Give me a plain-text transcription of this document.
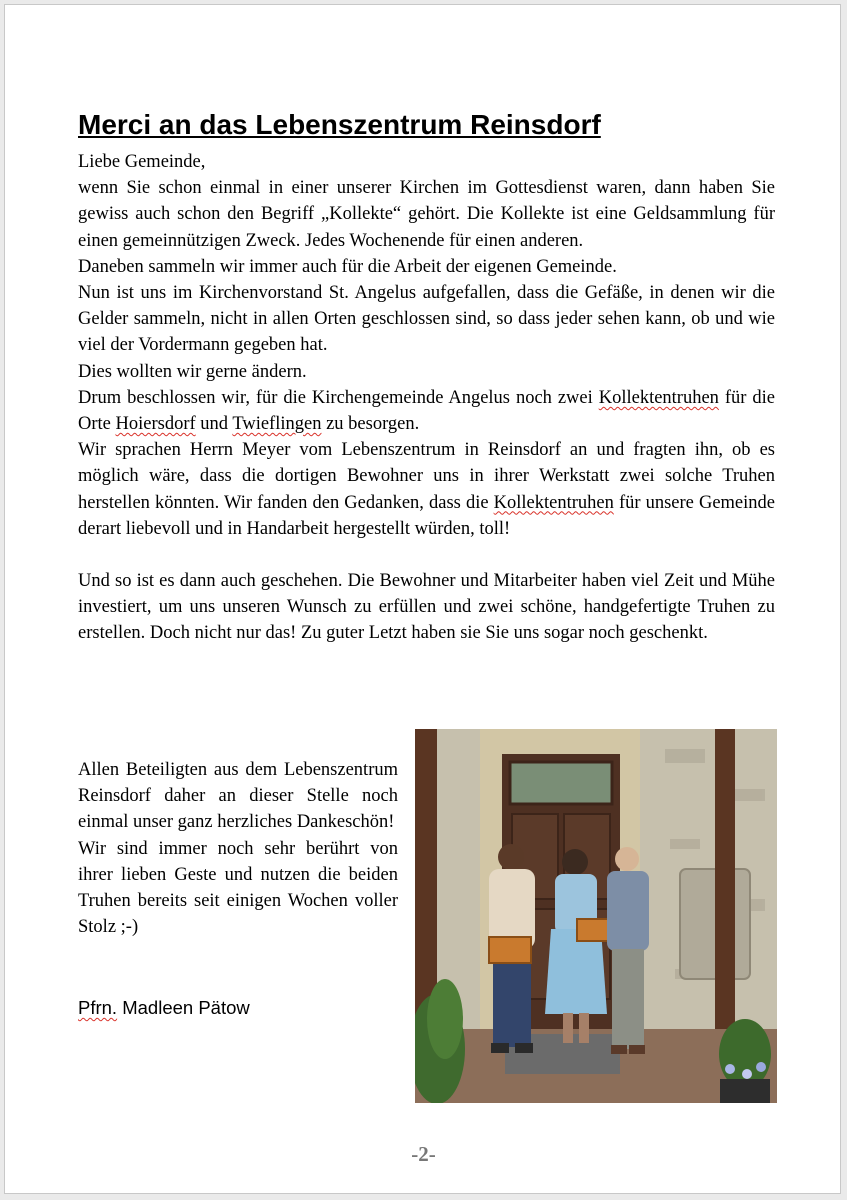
Merci an das Lebenszentrum Reinsdorf

Liebe Gemeinde,

wenn Sie schon einmal in einer unserer Kirchen im Gottesdienst waren, dann haben Sie gewiss auch schon den Begriff „Kollekte“ gehört. Die Kollekte ist eine Geldsammlung für einen gemeinnützigen Zweck. Jedes Wochenende für einen anderen.

Daneben sammeln wir immer auch für die Arbeit der eigenen Gemeinde.

Nun ist uns im Kirchenvorstand St. Angelus aufgefallen, dass die Gefäße, in denen wir die Gelder sammeln, nicht in allen Orten geschlossen sind, so dass jeder sehen kann, ob und wie viel der Vordermann gegeben hat.

Dies wollten wir gerne ändern.

Drum beschlossen wir, für die Kirchengemeinde Angelus noch zwei Kollektentruhen für die Orte Hoiersdorf und Twieflingen zu besorgen.

Wir sprachen Herrn Meyer vom Lebenszentrum in Reinsdorf an und fragten ihn, ob es möglich wäre, dass die dortigen Bewohner uns in ihrer Werkstatt zwei solche Truhen herstellen könnten. Wir fanden den Gedanken, dass die Kollektentruhen für unsere Gemeinde derart liebevoll und in Handarbeit hergestellt würden, toll!

Und so ist es dann auch geschehen. Die Bewohner und Mitarbeiter haben viel Zeit und Mühe investiert, um uns unseren Wunsch zu erfüllen und zwei schöne, handgefertigte Truhen zu erstellen. Doch nicht nur das! Zu guter Letzt haben sie Sie uns sogar noch geschenkt.

Allen Beteiligten aus dem Lebenszentrum Reinsdorf daher an dieser Stelle noch einmal unser ganz herzliches Dankeschön!

Wir sind immer noch sehr berührt von ihrer lieben Geste und nutzen die beiden Truhen bereits seit einigen Wochen voller Stolz ;-)

Pfrn. Madleen Pätow

-2-
